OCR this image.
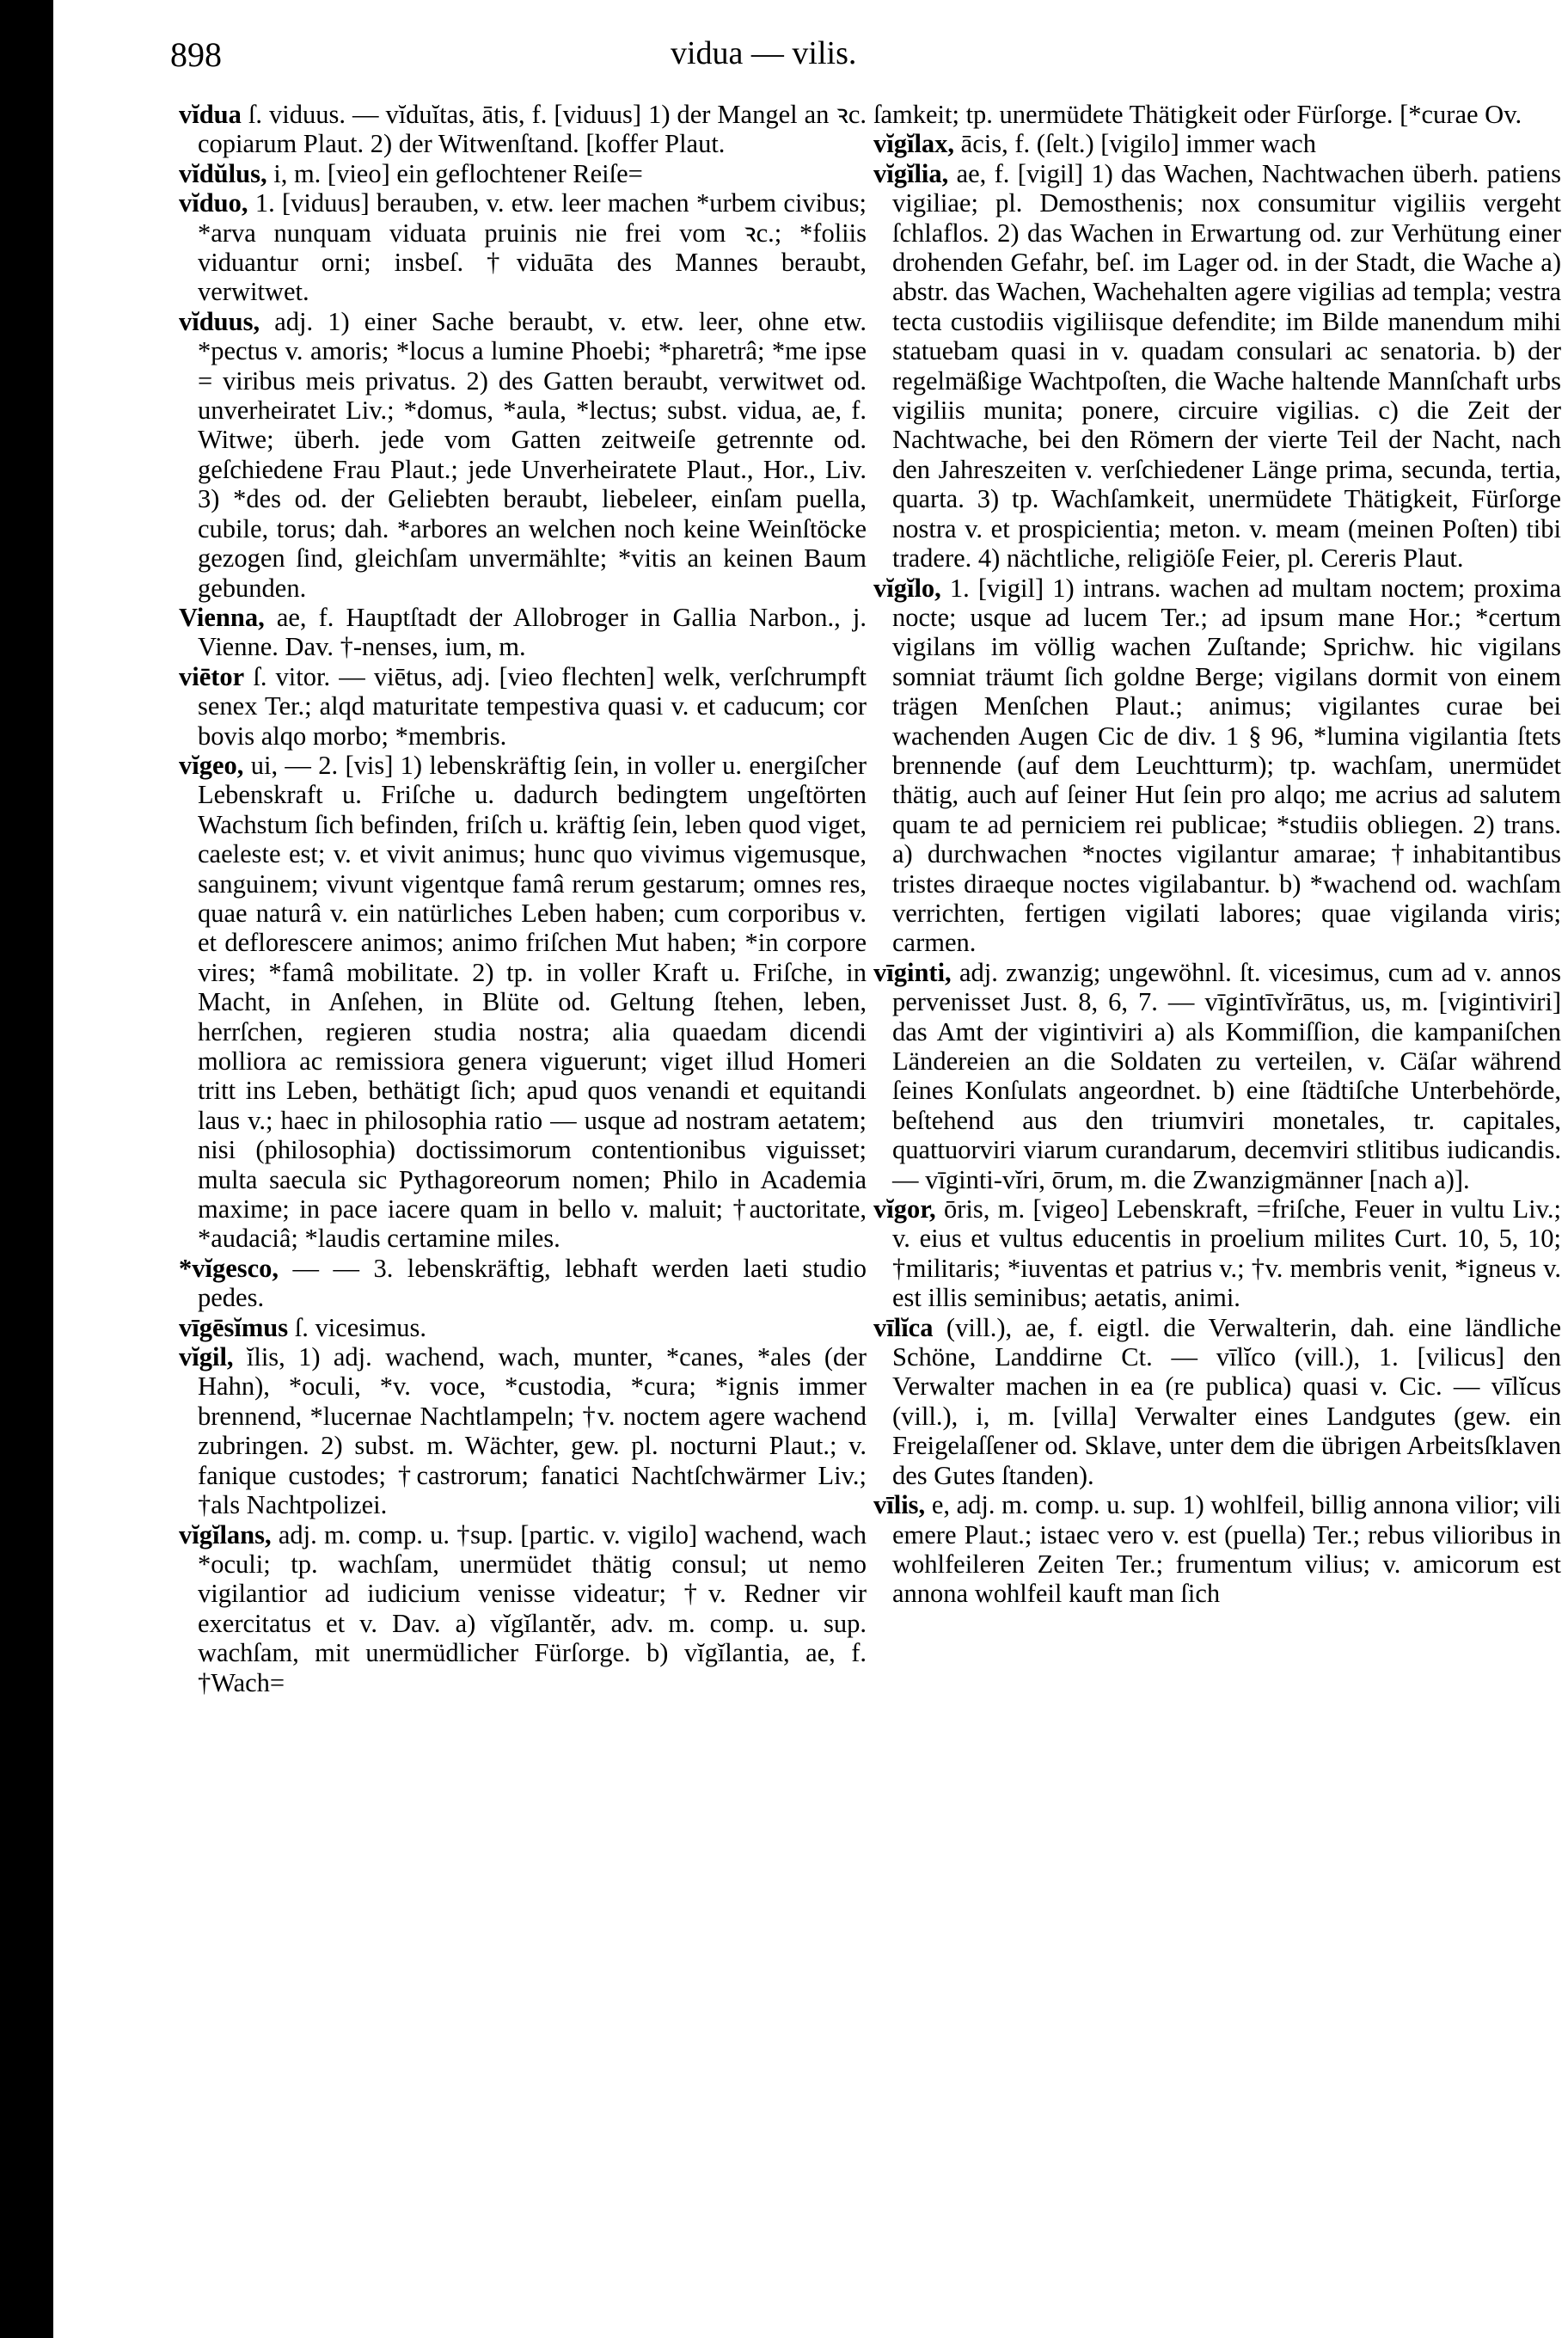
898	vidua — vilis.

vĭdua ſ. viduus. — vĭduĭtas, ātis, f. [viduus] 1) der Mangel an ꝛc. copiarum Plaut. 2) der Witwenſtand. [koffer Plaut.

vĭdŭlus, i, m. [vieo] ein geflochtener Reiſe=

vĭduo, 1. [viduus] berauben, v. etw. leer machen *urbem civibus; *arva nunquam viduata pruinis nie frei vom ꝛc.; *foliis viduantur orni; insbeſ. †viduāta des Mannes beraubt, verwitwet.

vĭduus, adj. 1) einer Sache beraubt, v. etw. leer, ohne etw. *pectus v. amoris; *locus a lumine Phoebi; *pharetrâ; *me ipse = viribus meis privatus. 2) des Gatten beraubt, verwitwet od. unverheiratet Liv.; *domus, *aula, *lectus; subst. vidua, ae, f. Witwe; überh. jede vom Gatten zeitweiſe getrennte od. geſchiedene Frau Plaut.; jede Unverheiratete Plaut., Hor., Liv. 3) *des od. der Geliebten beraubt, liebeleer, einſam puella, cubile, torus; dah. *arbores an welchen noch keine Weinſtöcke gezogen ſind, gleichſam unvermählte; *vitis an keinen Baum gebunden.

Vienna, ae, f. Hauptſtadt der Allobroger in Gallia Narbon., j. Vienne. Dav. †-nenses, ium, m.

viētor ſ. vitor. — viētus, adj. [vieo flechten] welk, verſchrumpft senex Ter.; alqd maturitate tempestiva quasi v. et caducum; cor bovis alqo morbo; *membris.

vĭgeo, ui, — 2. [vis] 1) lebenskräftig ſein, in voller u. energiſcher Lebenskraft u. Friſche u. dadurch bedingtem ungeſtörten Wachstum ſich befinden, friſch u. kräftig ſein, leben quod viget, caeleste est; v. et vivit animus; hunc quo vivimus vigemusque, sanguinem; vivunt vigentque famâ rerum gestarum; omnes res, quae naturâ v. ein natürliches Leben haben; cum corporibus v. et deflorescere animos; animo friſchen Mut haben; *in corpore vires; *famâ mobilitate. 2) tp. in voller Kraft u. Friſche, in Macht, in Anſehen, in Blüte od. Geltung ſtehen, leben, herrſchen, regieren studia nostra; alia quaedam dicendi molliora ac remissiora genera viguerunt; viget illud Homeri tritt ins Leben, bethätigt ſich; apud quos venandi et equitandi laus v.; haec in philosophia ratio — usque ad nostram aetatem; nisi (philosophia) doctissimorum contentionibus viguisset; multa saecula sic Pythagoreorum nomen; Philo in Academia maxime; in pace iacere quam in bello v. maluit; †auctoritate, *audaciâ; *laudis certamine miles.

*vĭgesco, — — 3. lebenskräftig, lebhaft werden laeti studio pedes.

vīgēsĭmus ſ. vicesimus.

vĭgil, ĭlis, 1) adj. wachend, wach, munter, *canes, *ales (der Hahn), *oculi, *v. voce, *custodia, *cura; *ignis immer brennend, *lucernae Nachtlampeln; †v. noctem agere wachend zubringen. 2) subst. m. Wächter, gew. pl. nocturni Plaut.; v. fanique custodes; †castrorum; fanatici Nachtſchwärmer Liv.; †als Nachtpolizei.

vĭgĭlans, adj. m. comp. u. †sup. [partic. v. vigilo] wachend, wach *oculi; tp. wachſam, unermüdet thätig consul; ut nemo vigilantior ad iudicium venisse videatur; †v. Redner vir exercitatus et v. Dav. a) vĭgĭlantĕr, adv. m. comp. u. sup. wachſam, mit unermüdlicher Fürſorge. b) vĭgĭlantia, ae, f. †Wach=

ſamkeit; tp. unermüdete Thätigkeit oder Fürſorge. [*curae Ov.

vĭgĭlax, ācis, f. (ſelt.) [vigilo] immer wach

vĭgĭlia, ae, f. [vigil] 1) das Wachen, Nachtwachen überh. patiens vigiliae; pl. Demosthenis; nox consumitur vigiliis vergeht ſchlaflos. 2) das Wachen in Erwartung od. zur Verhütung einer drohenden Gefahr, beſ. im Lager od. in der Stadt, die Wache a) abstr. das Wachen, Wachehalten agere vigilias ad templa; vestra tecta custodiis vigiliisque defendite; im Bilde manendum mihi statuebam quasi in v. quadam consulari ac senatoria. b) der regelmäßige Wachtpoſten, die Wache haltende Mannſchaft urbs vigiliis munita; ponere, circuire vigilias. c) die Zeit der Nachtwache, bei den Römern der vierte Teil der Nacht, nach den Jahreszeiten v. verſchiedener Länge prima, secunda, tertia, quarta. 3) tp. Wachſamkeit, unermüdete Thätigkeit, Fürſorge nostra v. et prospicientia; meton. v. meam (meinen Poſten) tibi tradere. 4) nächtliche, religiöſe Feier, pl. Cereris Plaut.

vĭgĭlo, 1. [vigil] 1) intrans. wachen ad multam noctem; proxima nocte; usque ad lucem Ter.; ad ipsum mane Hor.; *certum vigilans im völlig wachen Zuſtande; Sprichw. hic vigilans somniat träumt ſich goldne Berge; vigilans dormit von einem trägen Menſchen Plaut.; animus; vigilantes curae bei wachenden Augen Cic de div. 1 § 96, *lumina vigilantia ſtets brennende (auf dem Leuchtturm); tp. wachſam, unermüdet thätig, auch auf ſeiner Hut ſein pro alqo; me acrius ad salutem quam te ad perniciem rei publicae; *studiis obliegen. 2) trans. a) durchwachen *noctes vigilantur amarae; †inhabitantibus tristes diraeque noctes vigilabantur. b) *wachend od. wachſam verrichten, fertigen vigilati labores; quae vigilanda viris; carmen.

vīginti, adj. zwanzig; ungewöhnl. ſt. vicesimus, cum ad v. annos pervenisset Just. 8, 6, 7. — vīgintīvĭrātus, us, m. [vigintiviri] das Amt der vigintiviri a) als Kommiſſion, die kampaniſchen Ländereien an die Soldaten zu verteilen, v. Cäſar während ſeines Konſulats angeordnet. b) eine ſtädtiſche Unterbehörde, beſtehend aus den triumviri monetales, tr. capitales, quattuorviri viarum curandarum, decemviri stlitibus iudicandis. — vīginti-vĭri, ōrum, m. die Zwanzigmänner [nach a)].

vĭgor, ōris, m. [vigeo] Lebenskraft, =friſche, Feuer in vultu Liv.; v. eius et vultus educentis in proelium milites Curt. 10, 5, 10; †militaris; *iuventas et patrius v.; †v. membris venit, *igneus v. est illis seminibus; aetatis, animi.

vīlĭca (vill.), ae, f. eigtl. die Verwalterin, dah. eine ländliche Schöne, Landdirne Ct. — vīlĭco (vill.), 1. [vilicus] den Verwalter machen in ea (re publica) quasi v. Cic. — vīlĭcus (vill.), i, m. [villa] Verwalter eines Landgutes (gew. ein Freigelaſſener od. Sklave, unter dem die übrigen Arbeitsſklaven des Gutes ſtanden).

vīlis, e, adj. m. comp. u. sup. 1) wohlfeil, billig annona vilior; vili emere Plaut.; istaec vero v. est (puella) Ter.; rebus vilioribus in wohlfeileren Zeiten Ter.; frumentum vilius; v. amicorum est annona wohlfeil kauft man ſich
